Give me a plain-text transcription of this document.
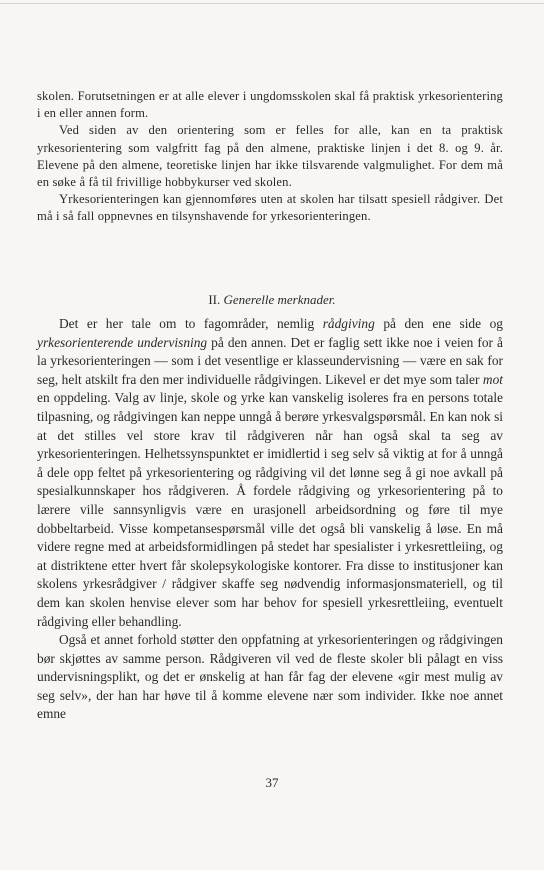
skolen. Forutsetningen er at alle elever i ungdomsskolen skal få praktisk yrkesorientering i en eller annen form.

Ved siden av den orientering som er felles for alle, kan en ta praktisk yrkesorientering som valgfritt fag på den almene, praktiske linjen i det 8. og 9. år. Elevene på den almene, teoretiske linjen har ikke tilsvarende valgmulighet. For dem må en søke å få til frivillige hobbykurser ved skolen.

Yrkesorienteringen kan gjennomføres uten at skolen har tilsatt spesiell rådgiver. Det må i så fall oppnevnes en tilsynshavende for yrkesorienteringen.

II. Generelle merknader.

Det er her tale om to fagområder, nemlig rådgiving på den ene side og yrkesorienterende undervisning på den annen. Det er faglig sett ikke noe i veien for å la yrkesorienteringen — som i det vesentlige er klasseundervisning — være en sak for seg, helt atskilt fra den mer individuelle rådgivingen. Likevel er det mye som taler mot en oppdeling. Valg av linje, skole og yrke kan vanskelig isoleres fra en persons totale tilpasning, og rådgivingen kan neppe unngå å berøre yrkesvalgspørsmål. En kan nok si at det stilles vel store krav til rådgiveren når han også skal ta seg av yrkesorienteringen. Helhetssynspunktet er imidlertid i seg selv så viktig at for å unngå å dele opp feltet på yrkesorientering og rådgiving vil det lønne seg å gi noe avkall på spesialkunnskaper hos rådgiveren. Å fordele rådgiving og yrkesorientering på to lærere ville sannsynligvis være en urasjonell arbeidsordning og føre til mye dobbeltarbeid. Visse kompetansespørsmål ville det også bli vanskelig å løse. En må videre regne med at arbeidsformidlingen på stedet har spesialister i yrkesrettleiing, og at distriktene etter hvert får skolepsykologiske kontorer. Fra disse to institusjoner kan skolens yrkesrådgiver / rådgiver skaffe seg nødvendig informasjonsmateriell, og til dem kan skolen henvise elever som har behov for spesiell yrkesrettleiing, eventuelt rådgiving eller behandling.

Også et annet forhold støtter den oppfatning at yrkesorienteringen og rådgivingen bør skjøttes av samme person. Rådgiveren vil ved de fleste skoler bli pålagt en viss undervisningsplikt, og det er ønskelig at han får fag der elevene «gir mest mulig av seg selv», der han har høve til å komme elevene nær som individer. Ikke noe annet emne

37
